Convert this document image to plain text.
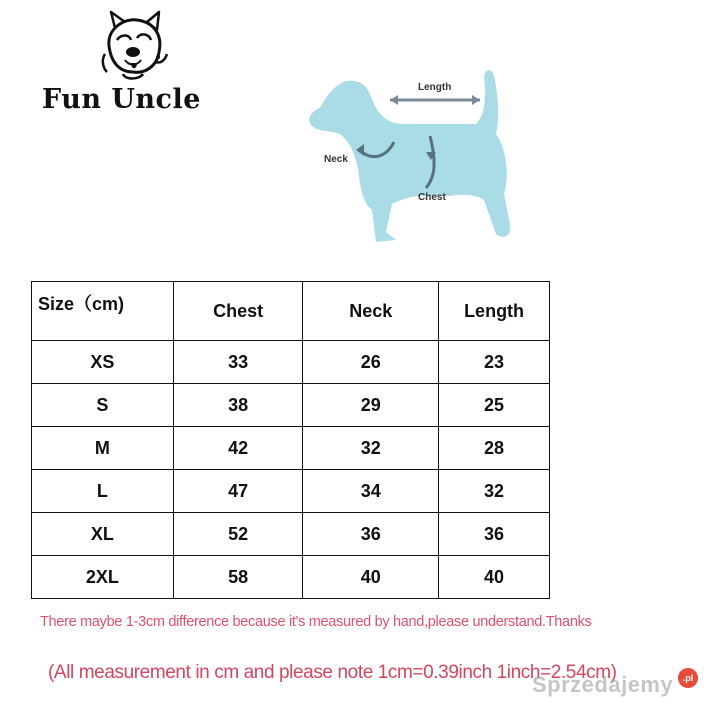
Fun Uncle	Length
Neck
Chest
Size（cm)	Chest	Neck	Length
XS	33	26	23
S	38	29	25
M	42	32	28
L	47	34	32
XL	52	36	36
2XL	58	40	40
There maybe 1-3cm difference because it's measured by hand,please understand.Thanks
(All measurement in cm and please note 1cm=0.39inch 1inch=2.54cm)
Sprzedajemy	.pl
